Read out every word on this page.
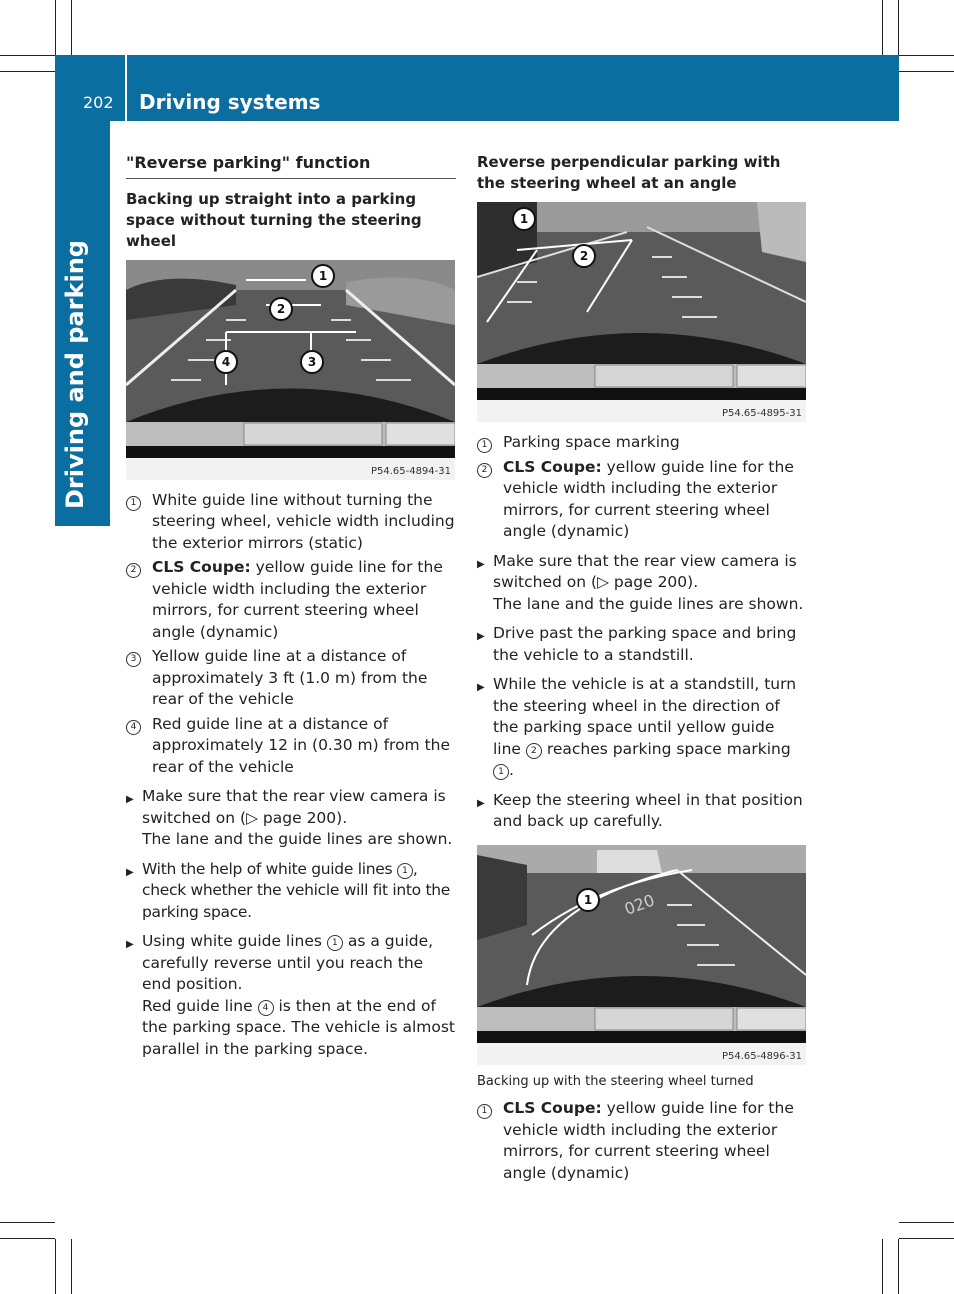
202 Driving systems
Driving and parking
"Reverse parking" function
Backing up straight into a parking space without turning the steering wheel
1
2
3
4
P54.65-4894-31
1	White guide line without turning the steering wheel, vehicle width including the exterior mirrors (static)
2	CLS Coupe: yellow guide line for the vehicle width including the exterior mirrors, for current steering wheel angle (dynamic)
3	Yellow guide line at a distance of approximately 3 ft (1.0 m) from the rear of the vehicle
4	Red guide line at a distance of approximately 12 in (0.30 m) from the rear of the vehicle
▶ Make sure that the rear view camera is switched on (▷ page 200).
The lane and the guide lines are shown.
▶ With the help of white guide lines 1 , check whether the vehicle will fit into the parking space.
▶ Using white guide lines 1 as a guide, carefully reverse until you reach the end position.
Red guide line 4 is then at the end of the parking space. The vehicle is almost parallel in the parking space.
Reverse perpendicular parking with the steering wheel at an angle
1
2
P54.65-4895-31
1	Parking space marking
2	CLS Coupe: yellow guide line for the vehicle width including the exterior mirrors, for current steering wheel angle (dynamic)
▶ Make sure that the rear view camera is switched on (▷ page 200).
The lane and the guide lines are shown.
▶ Drive past the parking space and bring the vehicle to a standstill.
▶ While the vehicle is at a standstill, turn the steering wheel in the direction of the parking space until yellow guide line 2 reaches parking space marking 1 .
▶ Keep the steering wheel in that position and back up carefully.
020
1
P54.65-4896-31
Backing up with the steering wheel turned
1	CLS Coupe: yellow guide line for the vehicle width including the exterior mirrors, for current steering wheel angle (dynamic)
